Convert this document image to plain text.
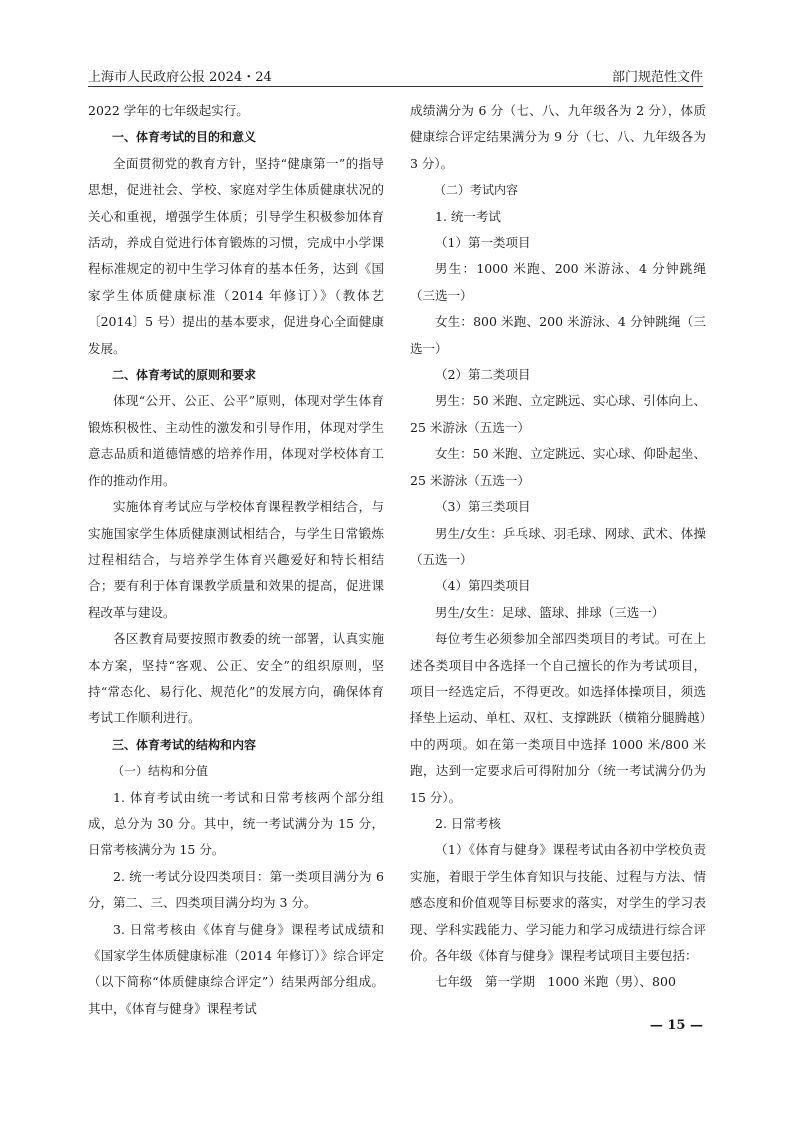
上海市人民政府公报 2024・24	部门规范性文件

2022 学年的七年级起实行。

一、体育考试的目的和意义

全面贯彻党的教育方针，坚持“健康第一”的指导思想，促进社会、学校、家庭对学生体质健康状况的关心和重视，增强学生体质；引导学生积极参加体育活动，养成自觉进行体育锻炼的习惯，完成中小学课程标准规定的初中生学习体育的基本任务，达到《国家学生体质健康标准（2014 年修订）》（教体艺〔2014〕5 号）提出的基本要求，促进身心全面健康发展。

二、体育考试的原则和要求

体现“公开、公正、公平”原则，体现对学生体育锻炼积极性、主动性的激发和引导作用，体现对学生意志品质和道德情感的培养作用，体现对学校体育工作的推动作用。

实施体育考试应与学校体育课程教学相结合，与实施国家学生体质健康测试相结合，与学生日常锻炼过程相结合，与培养学生体育兴趣爱好和特长相结合；要有利于体育课教学质量和效果的提高，促进课程改革与建设。

各区教育局要按照市教委的统一部署，认真实施本方案，坚持“客观、公正、安全”的组织原则，坚持“常态化、易行化、规范化”的发展方向，确保体育考试工作顺利进行。

三、体育考试的结构和内容

（一）结构和分值

1. 体育考试由统一考试和日常考核两个部分组成，总分为 30 分。其中，统一考试满分为 15 分，日常考核满分为 15 分。

2. 统一考试分设四类项目：第一类项目满分为 6 分，第二、三、四类项目满分均为 3 分。

3. 日常考核由《体育与健身》课程考试成绩和《国家学生体质健康标准（2014 年修订）》综合评定（以下简称“体质健康综合评定”）结果两部分组成。其中，《体育与健身》课程考试

成绩满分为 6 分（七、八、九年级各为 2 分），体质健康综合评定结果满分为 9 分（七、八、九年级各为 3 分）。

（二）考试内容

1. 统一考试

（1）第一类项目

男生：1000 米跑、200 米游泳、4 分钟跳绳（三选一）

女生：800 米跑、200 米游泳、4 分钟跳绳（三选一）

（2）第二类项目

男生：50 米跑、立定跳远、实心球、引体向上、25 米游泳（五选一）

女生：50 米跑、立定跳远、实心球、仰卧起坐、25 米游泳（五选一）

（3）第三类项目

男生/女生：乒乓球、羽毛球、网球、武术、体操（五选一）

（4）第四类项目

男生/女生：足球、篮球、排球（三选一）

每位考生必须参加全部四类项目的考试。可在上述各类项目中各选择一个自己擅长的作为考试项目，项目一经选定后，不得更改。如选择体操项目，须选择垫上运动、单杠、双杠、支撑跳跃（横箱分腿腾越）中的两项。如在第一类项目中选择 1000 米/800 米跑，达到一定要求后可得附加分（统一考试满分仍为 15 分）。

2. 日常考核

（1）《体育与健身》课程考试由各初中学校负责实施，着眼于学生体育知识与技能、过程与方法、情感态度和价值观等目标要求的落实，对学生的学习表现、学科实践能力、学习能力和学习成绩进行综合评价。各年级《体育与健身》课程考试项目主要包括：

七年级　第一学期　1000 米跑（男）、800

— 15 —
